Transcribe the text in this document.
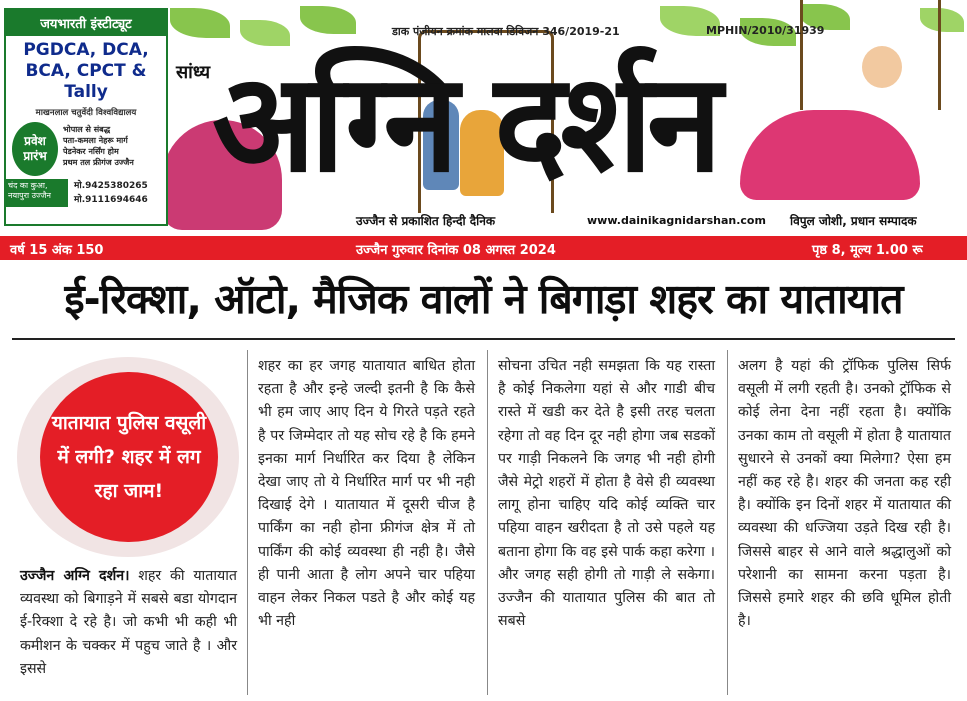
जयभारती इंस्टीट्यूट
PGDCA, DCA,
BCA, CPCT & Tally
माखनलाल चतुर्वेदी विश्वविद्यालय
प्रवेश
प्रारंभ
भोपाल से संबद्ध
पता-कमला नेहरू मार्ग
पेडनेकर नर्सिंग होम
प्रथम तल फ्रीगंज उज्जैन
चंद का कुआ, नयापुरा उज्जैन
मो.9425380265
मो.9111694646
डाक पंजीयन क्रमांक मालवा डिविजन 346/2019-21	MPHIN/2010/31939
सांध्य अग्नि दर्शन
उज्जैन से प्रकाशित हिन्दी दैनिक	www.dainikagnidarshan.com विपुल जोशी, प्रधान सम्पादक
वर्ष 15 अंक 150	उज्जैन गुरुवार दिनांक 08 अगस्त 2024	पृष्ठ 8, मूल्य 1.00 रू
ई-रिक्शा, ऑटो, मैजिक वालों ने बिगाड़ा शहर का यातायात

यातायात पुलिस वसूली में लगी? शहर में लग रहा जाम!

उज्जैन अग्नि दर्शन। शहर की यातायात व्यवस्था को बिगाड़ने में सबसे बडा योगदान ई-रिक्शा दे रहे है। जो कभी भी कही भी कमीशन के चक्कर में पहुच जाते है । और इससे

शहर का हर जगह यातायात बाधित होता रहता है और इन्हे जल्दी इतनी है कि कैसे भी हम जाए आए दिन ये गिरते पड़ते रहते है पर जिम्मेदार तो यह सोच रहे है कि हमने इनका मार्ग निर्धारित कर दिया है लेकिन देखा जाए तो ये निर्धारित मार्ग पर भी नही दिखाई देगे । यातायात में दूसरी चीज है पार्किंग का नही होना फ्रीगंज क्षेत्र में तो पार्किंग की कोई व्यवस्था ही नही है। जैसे ही पानी आता है लोग अपने चार पहिया वाहन लेकर निकल पडते है और कोई यह भी नही

सोचना उचित नही समझता कि यह रास्ता है कोई निकलेगा यहां से और गाडी बीच रास्ते में खडी कर देते है इसी तरह चलता रहेगा तो वह दिन दूर नही होगा जब सडकों पर गाड़ी निकलने कि जगह भी नही होगी जैसे मेट्रो शहरों में होता है वेसे ही व्यवस्था लागू होना चाहिए यदि कोई व्यक्ति चार पहिया वाहन खरीदता है तो उसे पहले यह बताना होगा कि वह इसे पार्क कहा करेगा । और जगह सही होगी तो गाड़ी ले सकेगा। उज्जैन की यातायात पुलिस की बात तो सबसे

अलग है यहां की ट्रॉफिक पुलिस सिर्फ वसूली में लगी रहती है। उनको ट्रॉफिक से कोई लेना देना नहीं रहता है। क्योंकि उनका काम तो वसूली में होता है यातायात सुधारने से उनकों क्या मिलेगा? ऐसा हम नहीं कह रहे है। शहर की जनता कह रही है। क्योंकि इन दिनों शहर में यातायात की व्यवस्था की धज्जिया उड़ते दिख रही है। जिससे बाहर से आने वाले श्रद्धालुओं को परेशानी का सामना करना पड़ता है। जिससे हमारे शहर की छवि धूमिल होती है।
